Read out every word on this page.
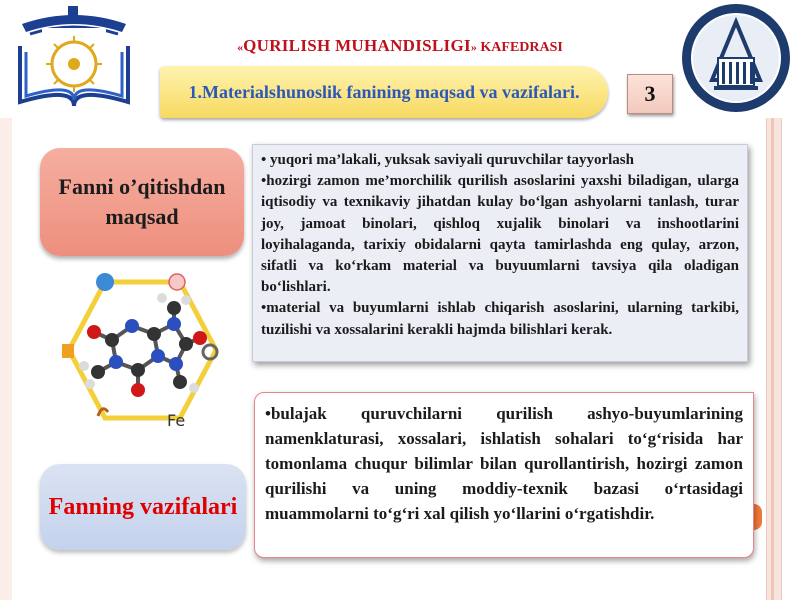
«QURILISH MUHANDISLIGI» KAFEDRASI
1.Materialshunoslik fanining maqsad va vazifalari.	3
Fanni o’qitishdan maqsad

• yuqori ma’lakali, yuksak saviyali quruvchilar tayyorlash

•hozirgi zamon me’morchilik qurilish asoslarini yaxshi biladigan, ularga iqtisodiy va texnikaviy jihatdan kulay bo‘lgan ashyolarni tanlash, turar joy, jamoat binolari, qishloq xujalik binolari va inshootlarini loyihalaganda, tarixiy obidalarni qayta tamirlashda eng qulay, arzon, sifatli va ko‘rkam material va buyuumlarni tavsiya qila oladigan bo‘lishlari.

•material va buyumlarni ishlab chiqarish asoslarini, ularning tarkibi, tuzilishi va xossalarini kerakli hajmda bilishlari kerak.

Fe
Fanning vazifalari

•bulajak quruvchilarni qurilish ashyo-buyumlarining namenklaturasi, xossalari, ishlatish sohalari to‘g‘risida har tomonlama chuqur bilimlar bilan qurollantirish, hozirgi zamon qurilishi va uning moddiy-texnik bazasi o‘rtasidagi muammolarni to‘g‘ri xal qilish yo‘llarini o‘rgatishdir.
